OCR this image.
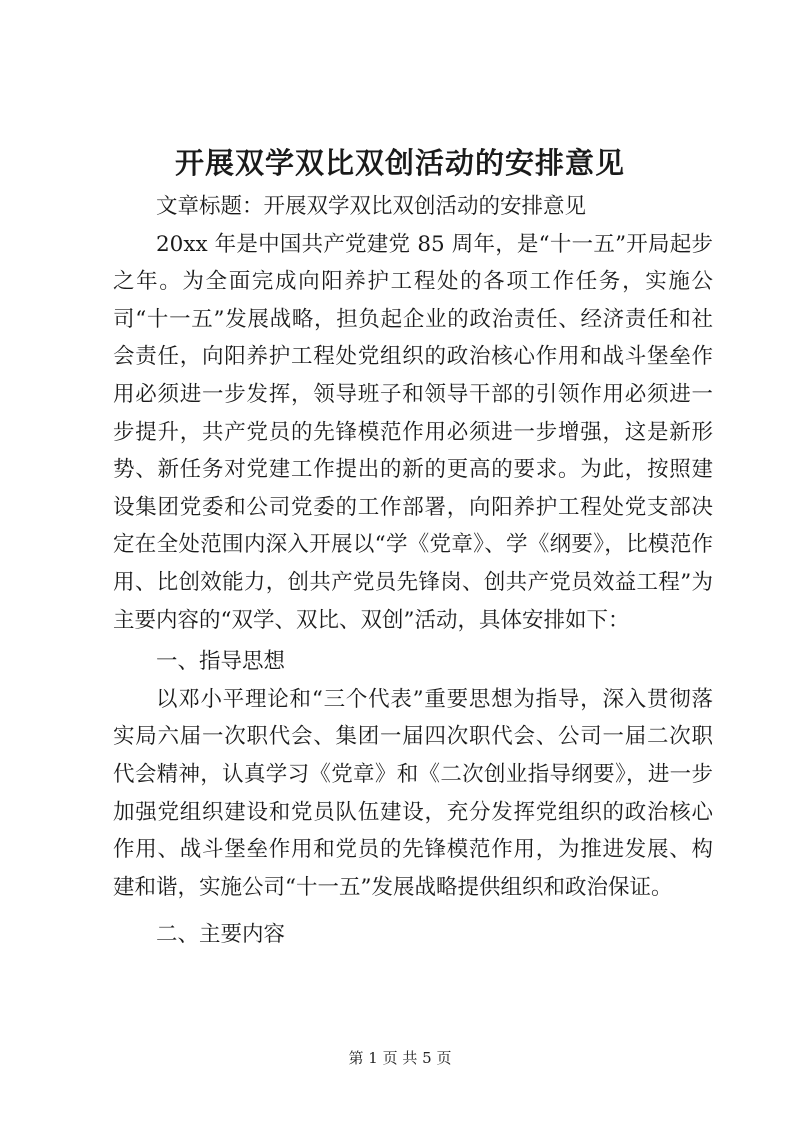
开展双学双比双创活动的安排意见

文章标题：开展双学双比双创活动的安排意见

20xx 年是中国共产党建党 85 周年，是“十一五”开局起步之年。为全面完成向阳养护工程处的各项工作任务，实施公司“十一五”发展战略，担负起企业的政治责任、经济责任和社会责任，向阳养护工程处党组织的政治核心作用和战斗堡垒作用必须进一步发挥，领导班子和领导干部的引领作用必须进一步提升，共产党员的先锋模范作用必须进一步增强，这是新形势、新任务对党建工作提出的新的更高的要求。为此，按照建设集团党委和公司党委的工作部署，向阳养护工程处党支部决定在全处范围内深入开展以“学《党章》、学《纲要》，比模范作用、比创效能力，创共产党员先锋岗、创共产党员效益工程”为主要内容的“双学、双比、双创”活动，具体安排如下：

一、指导思想

以邓小平理论和“三个代表”重要思想为指导，深入贯彻落实局六届一次职代会、集团一届四次职代会、公司一届二次职代会精神，认真学习《党章》和《二次创业指导纲要》，进一步加强党组织建设和党员队伍建设，充分发挥党组织的政治核心作用、战斗堡垒作用和党员的先锋模范作用，为推进发展、构建和谐，实施公司“十一五”发展战略提供组织和政治保证。

二、主要内容

第 1 页 共 5 页
